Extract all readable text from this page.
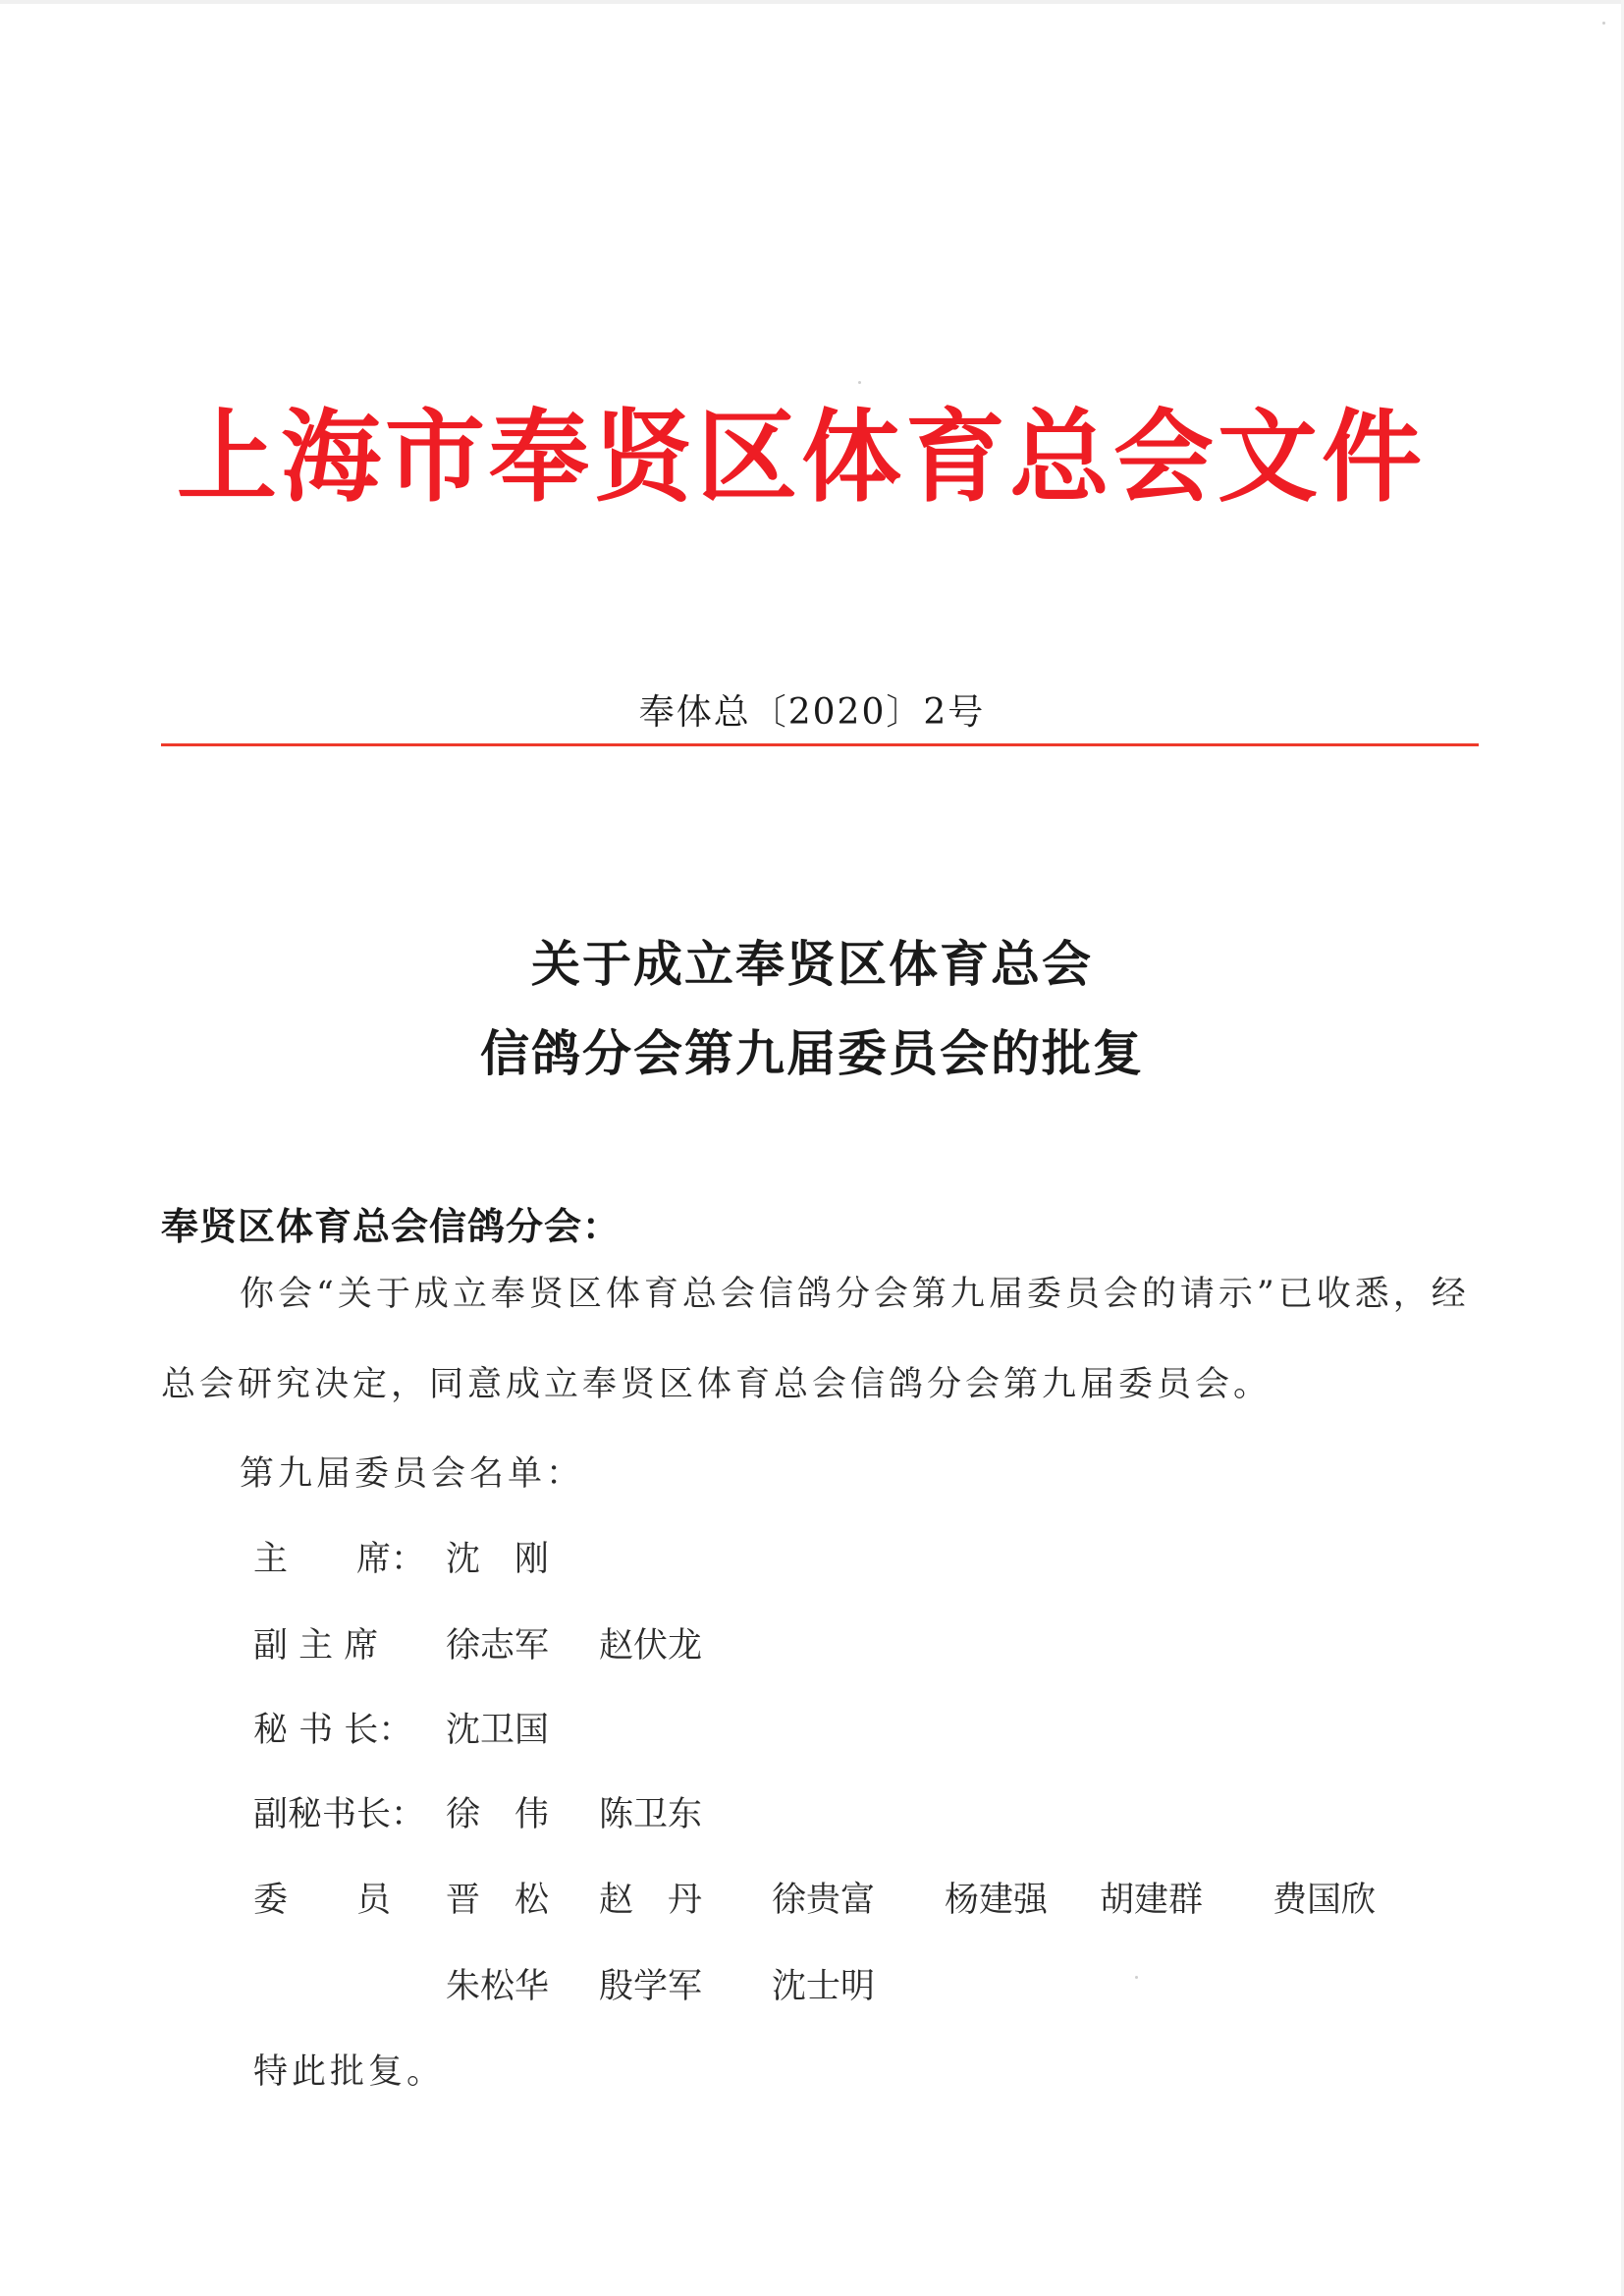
上海市奉贤区体育总会文件
奉体总〔2020〕2号
关于成立奉贤区体育总会
信鸽分会第九届委员会的批复
奉贤区体育总会信鸽分会：
你会“关于成立奉贤区体育总会信鸽分会第九届委员会的请示”已收悉，经
总会研究决定，同意成立奉贤区体育总会信鸽分会第九届委员会。
第九届委员会名单：
主　　席： 沈　刚
副 主 席	徐志军 赵伏龙
秘 书 长： 沈卫国
副秘书长： 徐　伟 陈卫东
委　　员	晋　松 赵　丹 徐贵富 杨建强 胡建群 费国欣
朱松华 殷学军 沈士明
特此批复。
